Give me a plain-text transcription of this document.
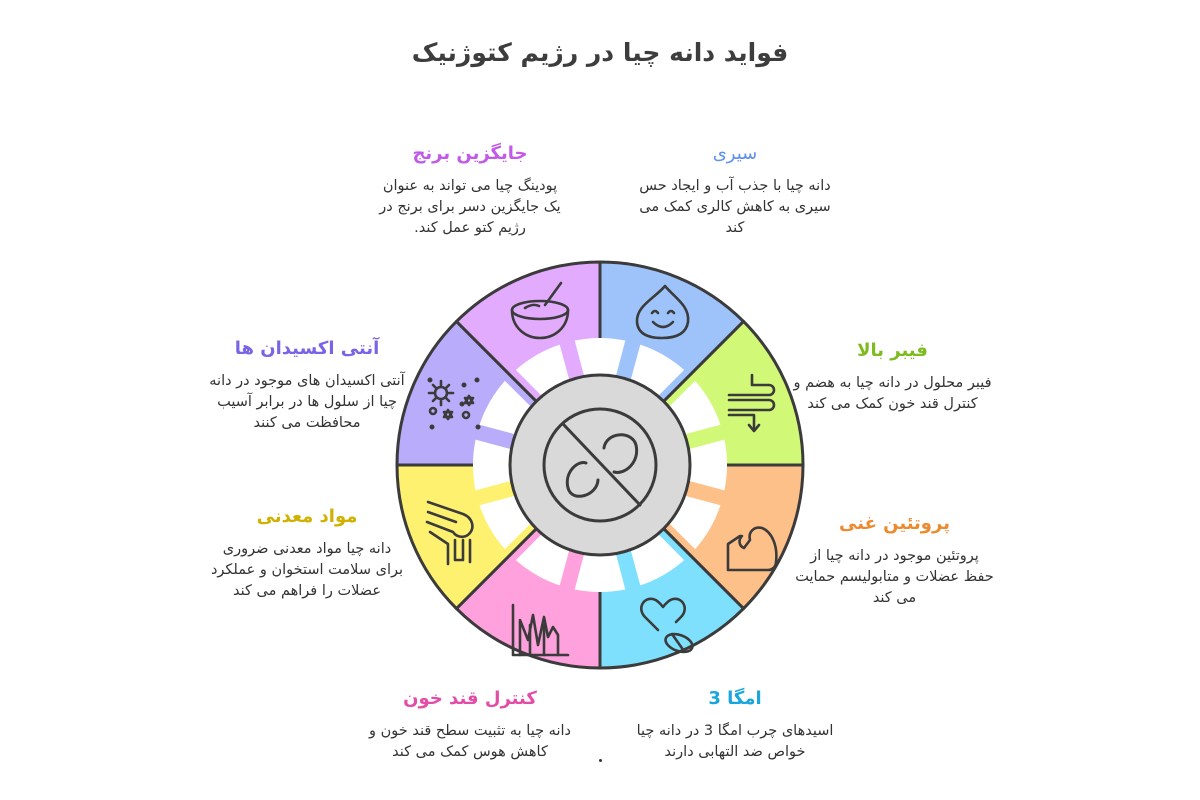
فواید دانه چیا در رژیم کتوژنیک
جایگزین برنج
پودینگ چیا می تواند به عنوان
یک جایگزین دسر برای برنج در
رژیم کتو عمل کند.
سیری
دانه چیا با جذب آب و ایجاد حس
سیری به کاهش کالری کمک می
کند
فیبر بالا
فیبر محلول در دانه چیا به هضم و
کنترل قند خون کمک می کند
پروتئین غنی
پروتئین موجود در دانه چیا از
حفظ عضلات و متابولیسم حمایت
می کند
امگا 3
اسیدهای چرب امگا 3 در دانه چیا
خواص ضد التهابی دارند
کنترل قند خون
دانه چیا به تثبیت سطح قند خون و
کاهش هوس کمک می کند
مواد معدنی
دانه چیا مواد معدنی ضروری
برای سلامت استخوان و عملکرد
عضلات را فراهم می کند
آنتی اکسیدان ها
آنتی اکسیدان های موجود در دانه
چیا از سلول ها در برابر آسیب
محافظت می کنند
